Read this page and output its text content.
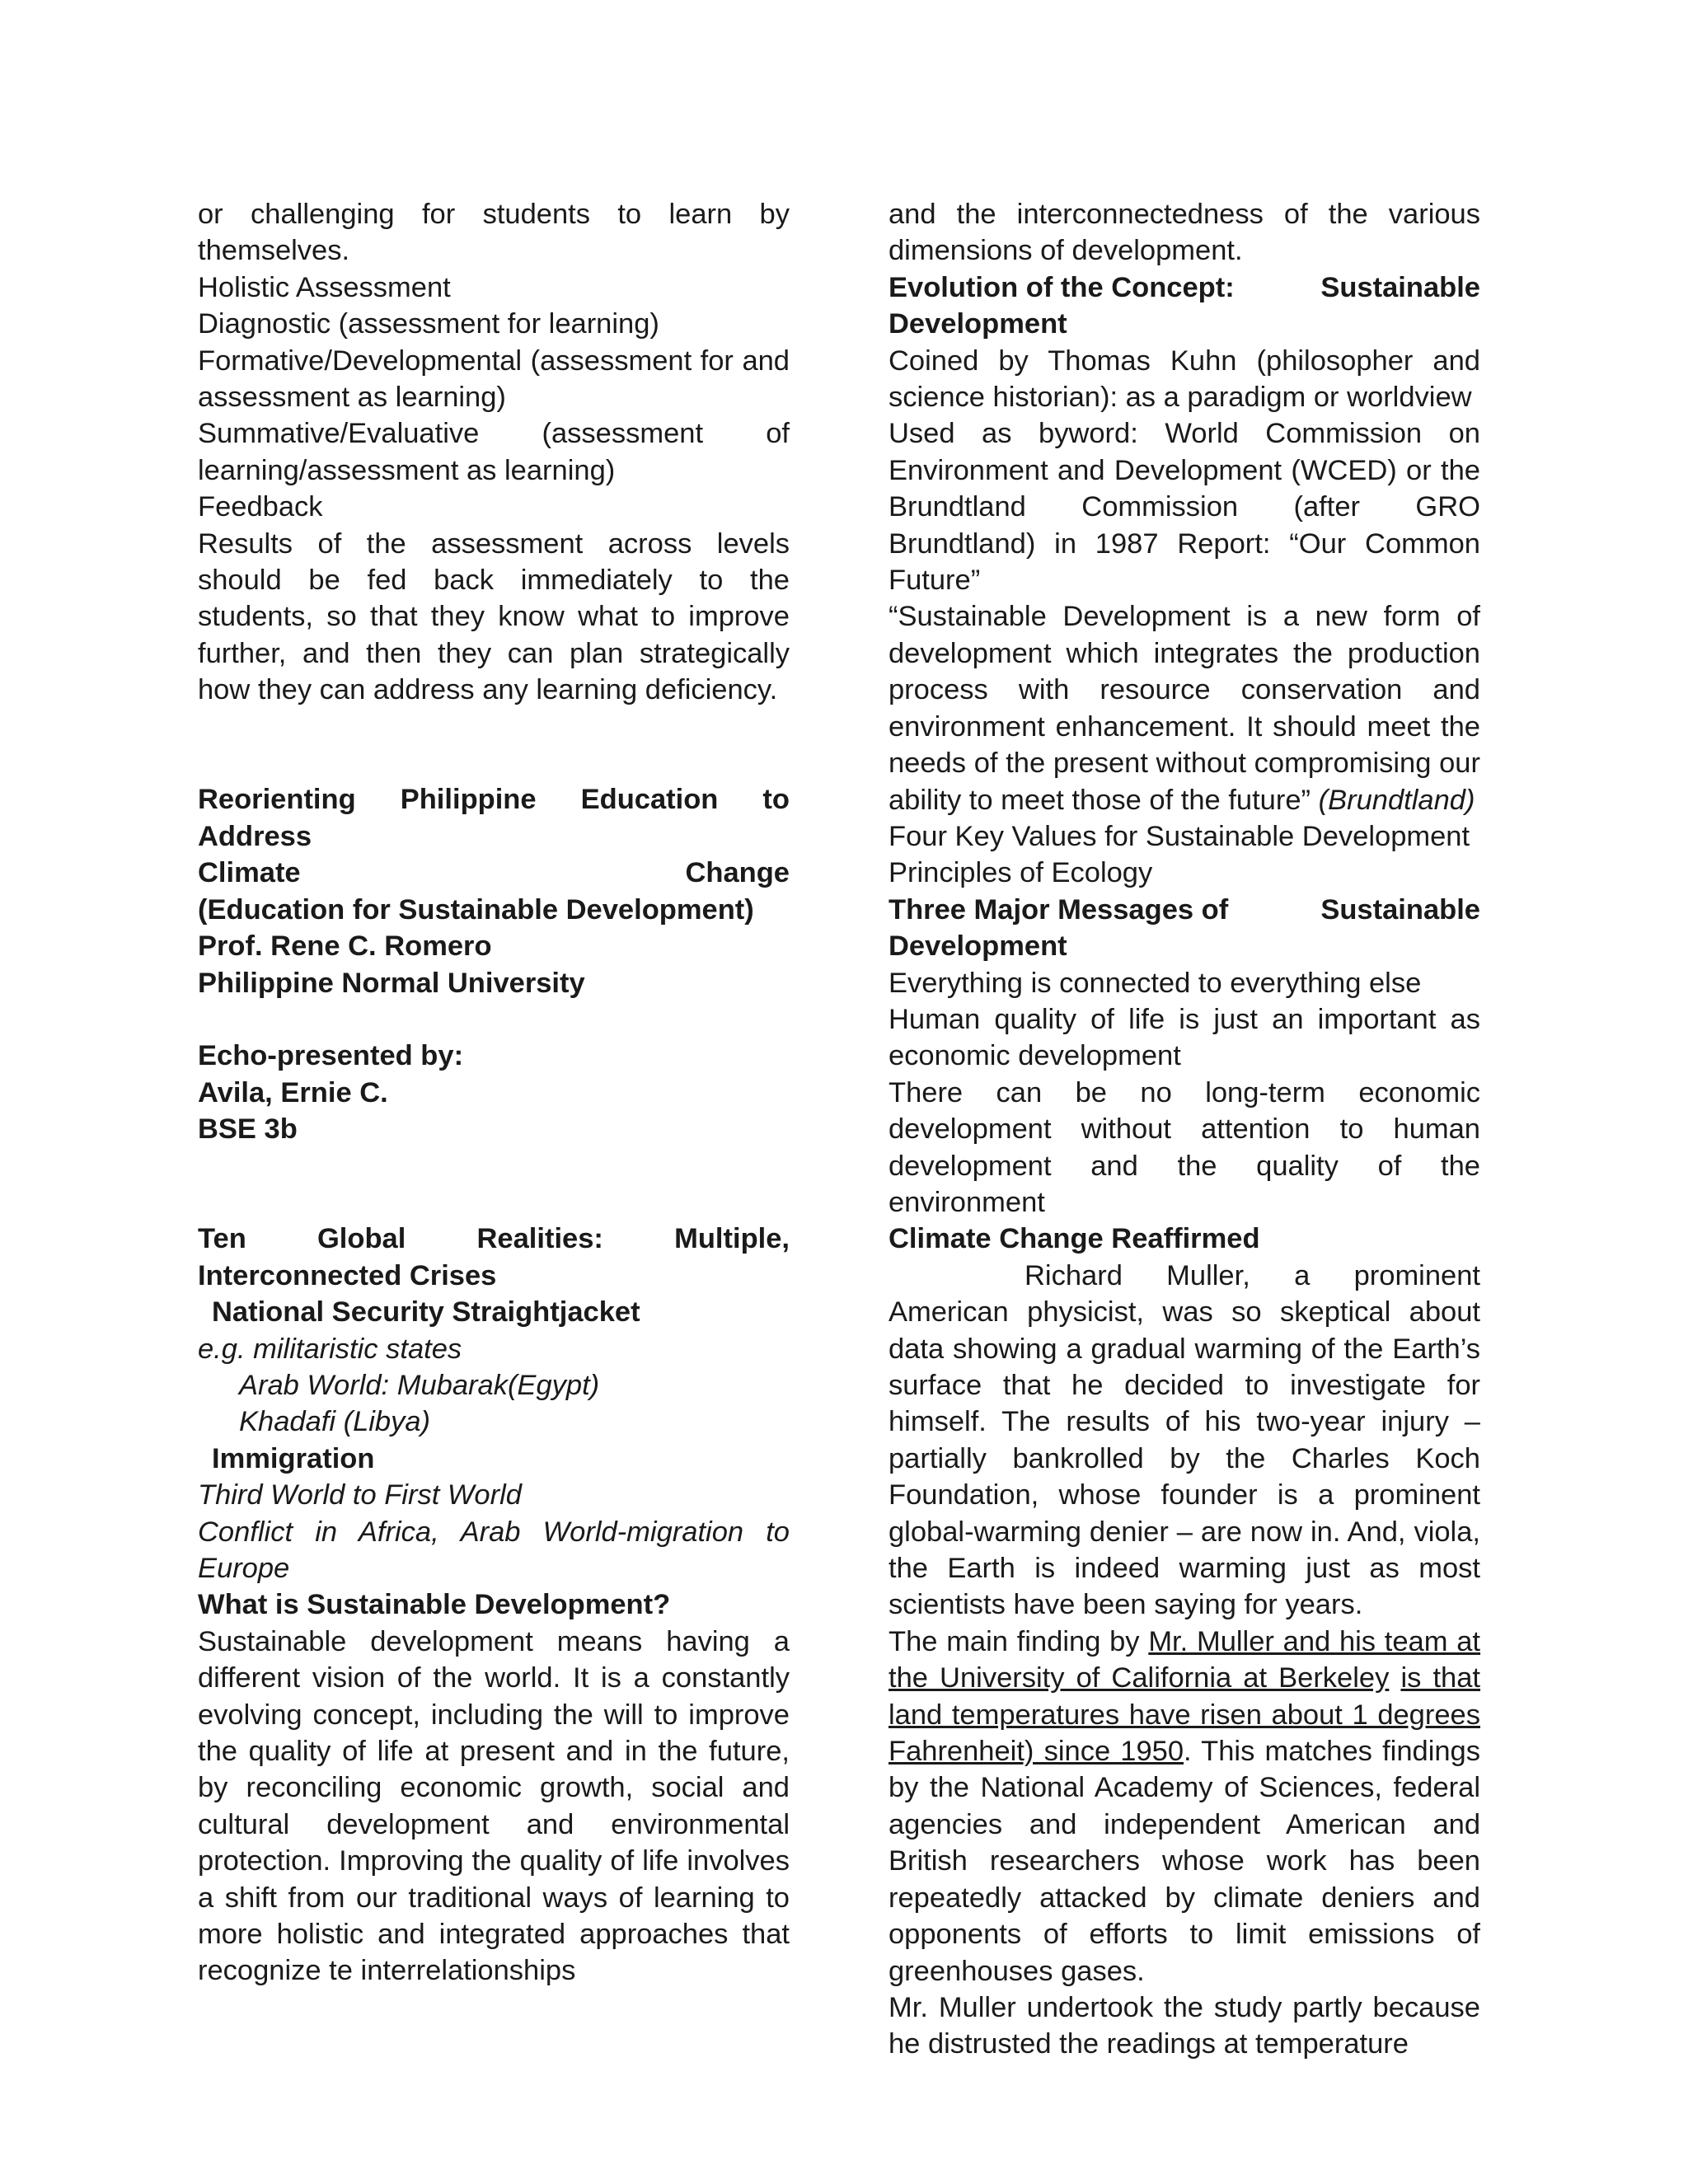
or challenging for students to learn by themselves.

Holistic Assessment

Diagnostic (assessment for learning)

Formative/Developmental (assessment for and assessment as learning)

Summative/Evaluative (assessment of learning/assessment as learning)

Feedback

Results of the assessment across levels should be fed back immediately to the students, so that they know what to improve further, and then they can plan strategically how they can address any learning deficiency.

Reorienting Philippine Education to Address

Climate	Change

(Education for Sustainable Development)

Prof. Rene C. Romero

Philippine Normal University

Echo-presented by:

Avila, Ernie C.

BSE 3b

Ten Global Realities: Multiple, Interconnected Crises

National Security Straightjacket

e.g. militaristic states

Arab World: Mubarak(Egypt)

Khadafi (Libya)

Immigration

Third World to First World

Conflict in Africa, Arab World-migration to Europe

What is Sustainable Development?

Sustainable development means having a different vision of the world. It is a constantly evolving concept, including the will to improve the quality of life at present and in the future, by reconciling economic growth, social and cultural development and environmental protection. Improving the quality of life involves a shift from our traditional ways of learning to more holistic and integrated approaches that recognize te interrelationships

and the interconnectedness of the various dimensions of development.

Evolution of the Concept:	Sustainable

Development

Coined by Thomas Kuhn (philosopher and science historian): as a paradigm or worldview

Used as byword: World Commission on Environment and Development (WCED) or the Brundtland Commission (after GRO Brundtland) in 1987 Report: “Our Common Future”

“Sustainable Development is a new form of development which integrates the production process with resource conservation and environment enhancement. It should meet the needs of the present without compromising our ability to meet those of the future” (Brundtland)

Four Key Values for Sustainable Development

Principles of Ecology

Three Major Messages of	Sustainable

Development

Everything is connected to everything else

Human quality of life is just an important as economic development

There can be no long-term economic development without attention to human development and the quality of the environment

Climate Change Reaffirmed

Richard Muller, a prominent American physicist, was so skeptical about data showing a gradual warming of the Earth’s surface that he decided to investigate for himself. The results of his two-year injury – partially bankrolled by the Charles Koch Foundation, whose founder is a prominent global-warming denier – are now in. And, viola, the Earth is indeed warming just as most scientists have been saying for years.

The main finding by Mr. Muller and his team at the University of California at Berkeley is that land temperatures have risen about 1 degrees Fahrenheit) since 1950. This matches findings by the National Academy of Sciences, federal agencies and independent American and British researchers whose work has been repeatedly attacked by climate deniers and opponents of efforts to limit emissions of greenhouses gases.

Mr. Muller undertook the study partly because he distrusted the readings at temperature
